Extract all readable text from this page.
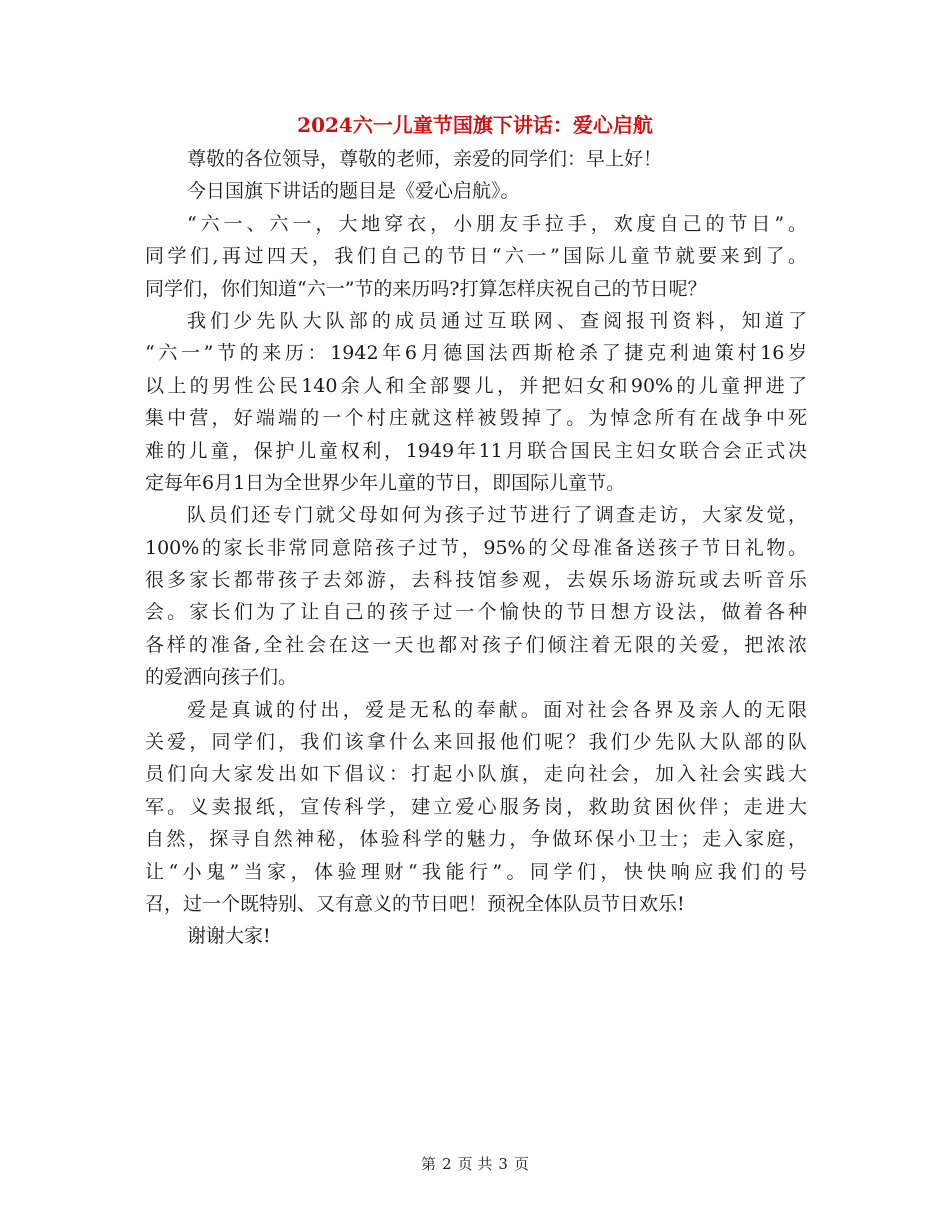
2024六一儿童节国旗下讲话：爱心启航
尊敬的各位领导，尊敬的老师，亲爱的同学们：早上好！
今日国旗下讲话的题目是《爱心启航》。
“六一、六一，大地穿衣，小朋友手拉手，欢度自己的节日”。
同学们,再过四天，我们自己的节日“六一”国际儿童节就要来到了。
同学们，你们知道“六一”节的来历吗?打算怎样庆祝自己的节日呢？
我们少先队大队部的成员通过互联网、查阅报刊资料，知道了
“六一”节的来历：1942年6月德国法西斯枪杀了捷克利迪策村16岁
以上的男性公民140余人和全部婴儿，并把妇女和90%的儿童押进了
集中营，好端端的一个村庄就这样被毁掉了。为悼念所有在战争中死
难的儿童，保护儿童权利，1949年11月联合国民主妇女联合会正式决
定每年6月1日为全世界少年儿童的节日，即国际儿童节。
队员们还专门就父母如何为孩子过节进行了调查走访，大家发觉，
100%的家长非常同意陪孩子过节，95%的父母准备送孩子节日礼物。
很多家长都带孩子去郊游，去科技馆参观，去娱乐场游玩或去听音乐
会。家长们为了让自己的孩子过一个愉快的节日想方设法，做着各种
各样的准备,全社会在这一天也都对孩子们倾注着无限的关爱，把浓浓
的爱洒向孩子们。
爱是真诚的付出，爱是无私的奉献。面对社会各界及亲人的无限
关爱，同学们，我们该拿什么来回报他们呢？我们少先队大队部的队
员们向大家发出如下倡议：打起小队旗，走向社会，加入社会实践大
军。义卖报纸，宣传科学，建立爱心服务岗，救助贫困伙伴；走进大
自然，探寻自然神秘，体验科学的魅力，争做环保小卫士；走入家庭，
让“小鬼”当家，体验理财“我能行”。同学们，快快响应我们的号
召，过一个既特别、又有意义的节日吧！预祝全体队员节日欢乐!
谢谢大家!
第 2 页 共 3 页
